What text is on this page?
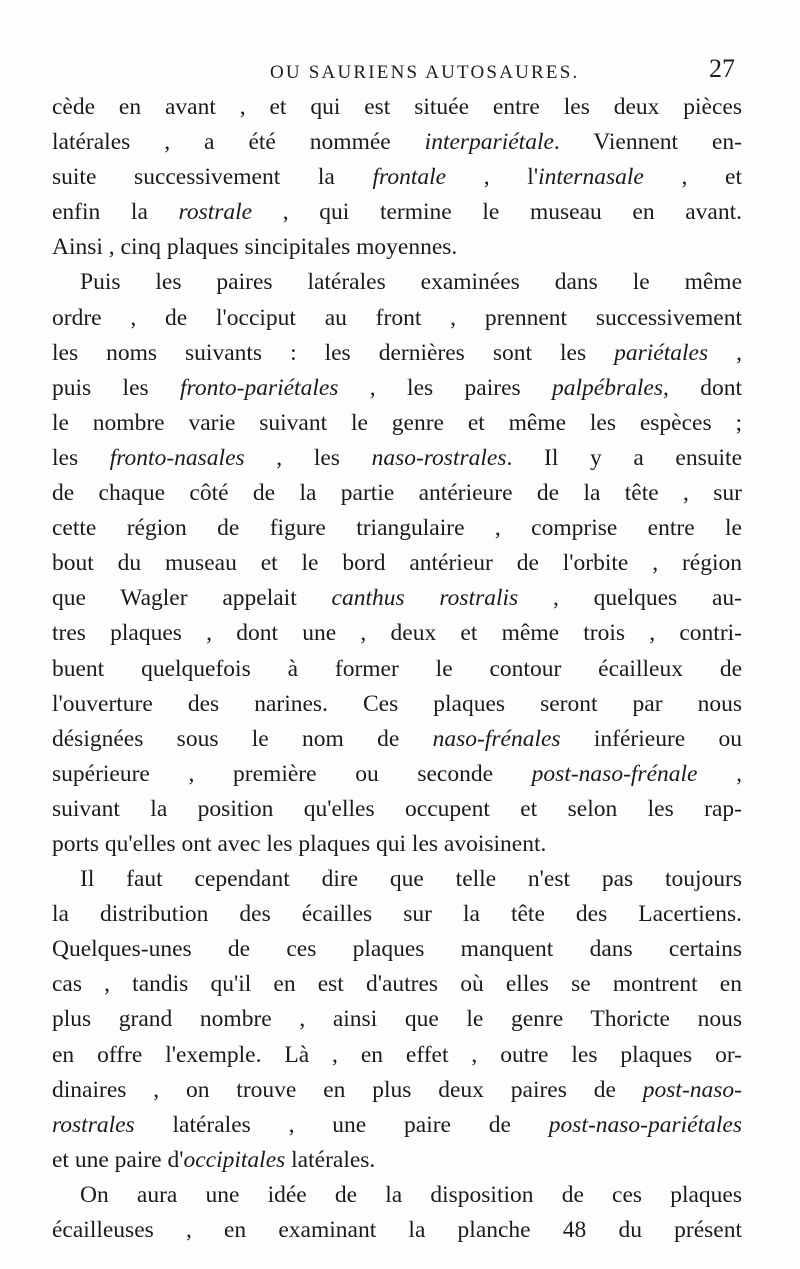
OU SAURIENS AUTOSAURES.	27
cède en avant , et qui est située entre les deux pièces
latérales , a été nommée interpariétale. Viennent en-
suite successivement la frontale , l'internasale , et
enfin la rostrale , qui termine le museau en avant.
Ainsi , cinq plaques sincipitales moyennes.
Puis les paires latérales examinées dans le même
ordre , de l'occiput au front , prennent successivement
les noms suivants : les dernières sont les pariétales ,
puis les fronto-pariétales , les paires palpébrales, dont
le nombre varie suivant le genre et même les espèces ;
les fronto-nasales , les naso-rostrales. Il y a ensuite
de chaque côté de la partie antérieure de la tête , sur
cette région de figure triangulaire , comprise entre le
bout du museau et le bord antérieur de l'orbite , région
que Wagler appelait canthus rostralis , quelques au-
tres plaques , dont une , deux et même trois , contri-
buent quelquefois à former le contour écailleux de
l'ouverture des narines. Ces plaques seront par nous
désignées sous le nom de naso-frénales inférieure ou
supérieure , première ou seconde post-naso-frénale ,
suivant la position qu'elles occupent et selon les rap-
ports qu'elles ont avec les plaques qui les avoisinent.
Il faut cependant dire que telle n'est pas toujours
la distribution des écailles sur la tête des Lacertiens.
Quelques-unes de ces plaques manquent dans certains
cas , tandis qu'il en est d'autres où elles se montrent en
plus grand nombre , ainsi que le genre Thoricte nous
en offre l'exemple. Là , en effet , outre les plaques or-
dinaires , on trouve en plus deux paires de post-naso-
rostrales latérales , une paire de post-naso-pariétales
et une paire d'occipitales latérales.
On aura une idée de la disposition de ces plaques
écailleuses , en examinant la planche 48 du présent
